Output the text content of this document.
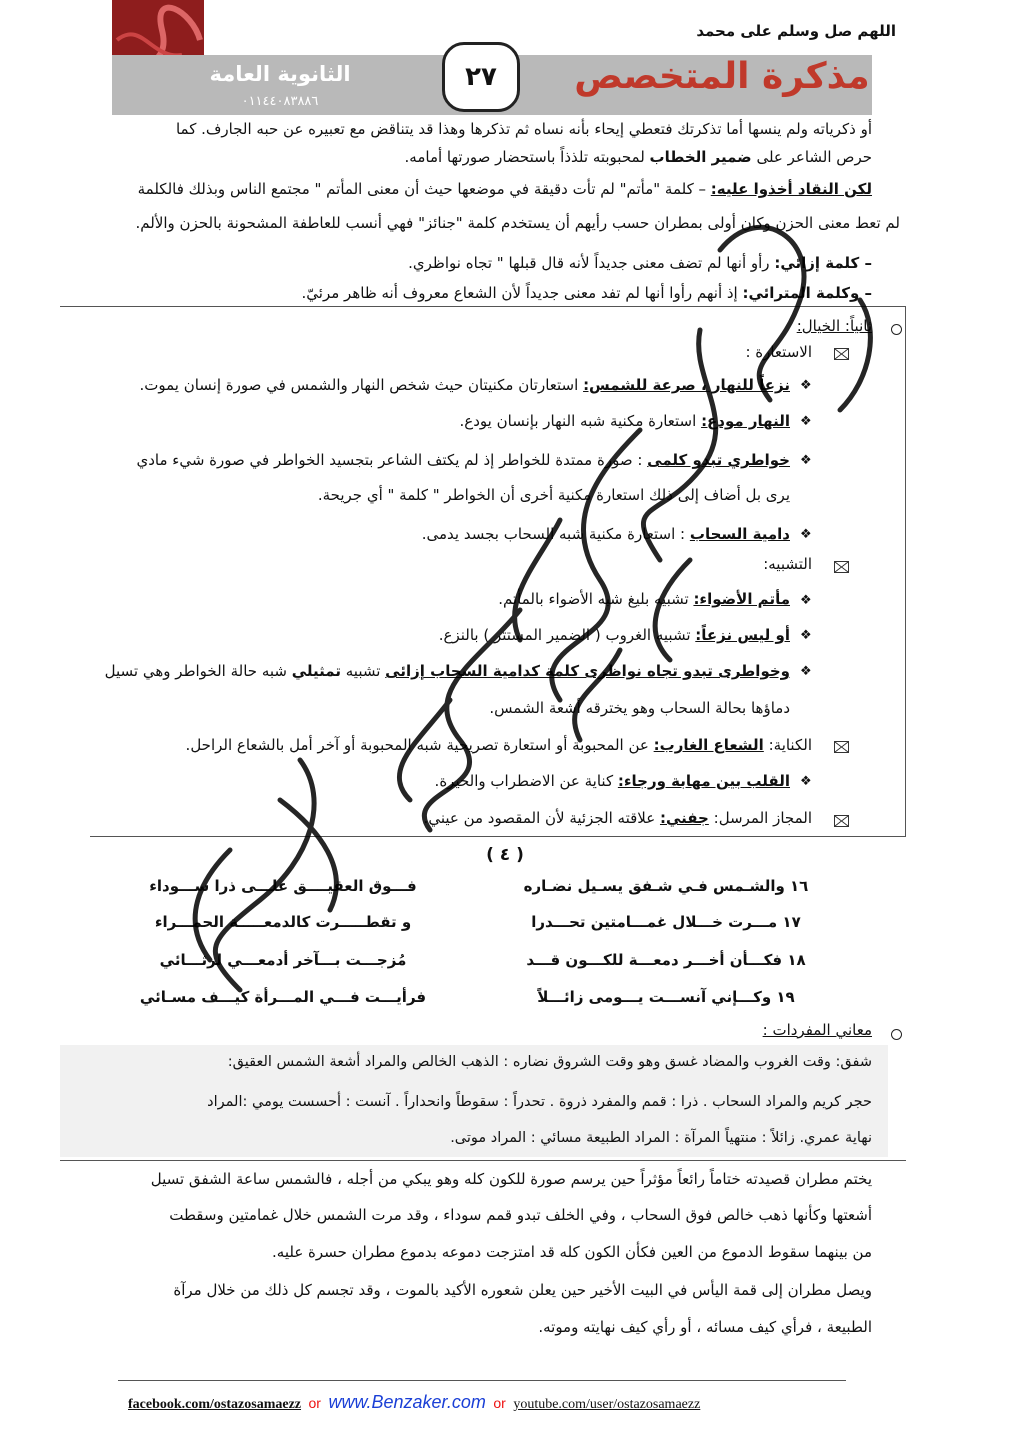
اللهم صل وسلم على محمد
الثانوية العامة
٠١١٤٤٠٨٣٨٨٦
٢٧	مذكرة المتخصص
أو ذكرياته ولم ينسها أما تذكرتك فتعطي إيحاء بأنه نساه ثم تذكرها وهذا قد يتناقض مع تعبيره عن حبه الجارف. كما
حرص الشاعر على ضمير الخطاب لمحبوبته تلذذاً باستحضار صورتها أمامه.
لكن النقاد أخذوا عليه: – كلمة "مأتم" لم تأت دقيقة في موضعها حيث أن معنى المأتم " مجتمع الناس وبذلك فالكلمة
لم تعط معنى الحزن وكان أولى بمطران حسب رأيهم أن يستخدم كلمة "جنائز" فهي أنسب للعاطفة المشحونة بالحزن والألم.
– كلمة إزائي: رأو أنها لم تضف معنى جديداً لأنه قال قبلها " تجاه نواظري.
– وكلمة المترائي: إذ أنهم رأوا أنها لم تفد معنى جديداً لأن الشعاع معروف أنه ظاهر مرئيّ.
ثانياً: الخيال:
الاستعارة :
❖
نزعاً للنهار ، صرعة للشمس: استعارتان مكنيتان حيث شخص النهار والشمس في صورة إنسان يموت.
❖
النهار مودع: استعارة مكنية شبه النهار بإنسان يودع.
❖
خواطري تبدو كلمى : صورة ممتدة للخواطر إذ لم يكتف الشاعر بتجسيد الخواطر في صورة شيء مادي
يرى بل أضاف إلى ذلك استعارة مكنية أخرى أن الخواطر " كلمة " أي جريحة.
❖
دامية السحاب : استعارة مكنية شبه السحاب بجسد يدمى.
التشبيه:
❖
مأتم الأضواء: تشبيه بليغ شبه الأضواء بالمأتم.
❖
أو ليس نزعاً: تشبيه الغروب ( الضمير المستتر ) بالنزع.
❖
وخواطرى تبدو تجاه نواظرى كلمة كدامية السحاب إزائى تشبيه تمثيلي شبه حالة الخواطر وهي تسيل
دماؤها بحالة السحاب وهو يخترقه أشعة الشمس.
الكناية: الشعاع الغارب: عن المحبوبة أو استعارة تصريحية شبه المحبوبة أو آخر أمل بالشعاع الراحل.
❖
القلب بين مهابة ورجاء: كناية عن الاضطراب والحيرة.
المجاز المرسل: جفني: علاقته الجزئية لأن المقصود من عيني.
( ٤ )
١٦ والشـمس فـي شـفق يسـيل نضـاره
فـــوق العقيــــق علـــى ذرا ســـوداء
١٧ مـــرت خـــلال غمـــامتين تحـــدرا
و تقطـــــرت كالدمعـــــة الحمـــراء
١٨ فكـــأن أخـــر دمعـــة للكـــون قـــد
مُزجـــت بـــآخر أدمعـــي لرثـــائي
١٩ وكـــإني آنســـت يـــومى زائـــلاً
فرأيـــت فـــي المـــرأة كيـــف مسـائي
معاني المفردات :
شفق: وقت الغروب والمضاد غسق وهو وقت الشروق نضاره : الذهب الخالص والمراد أشعة الشمس العقيق:
حجر كريم والمراد السحاب . ذرا : قمم والمفرد ذروة . تحدراً : سقوطاً وانحداراً . آنست : أحسست يومي :المراد
نهاية عمري. زائلاً : منتهياً المرآة : المراد الطبيعة مسائي : المراد موتى.
يختم مطران قصيدته ختاماً رائعاً مؤثراً حين يرسم صورة للكون كله وهو يبكي من أجله ، فالشمس ساعة الشفق تسيل
أشعتها وكأنها ذهب خالص فوق السحاب ، وفي الخلف تبدو قمم سوداء ، وقد مرت الشمس خلال غمامتين وسقطت
من بينهما سقوط الدموع من العين فكأن الكون كله قد امتزجت دموعه بدموع مطران حسرة عليه.
ويصل مطران إلى قمة اليأس في البيت الأخير حين يعلن شعوره الأكيد بالموت ، وقد تجسم كل ذلك من خلال مرآة
الطبيعة ، فرأي كيف مسائه ، أو رأي كيف نهايته وموته.
facebook.com/ostazosamaezz or www.Benzaker.com or youtube.com/user/ostazosamaezz
